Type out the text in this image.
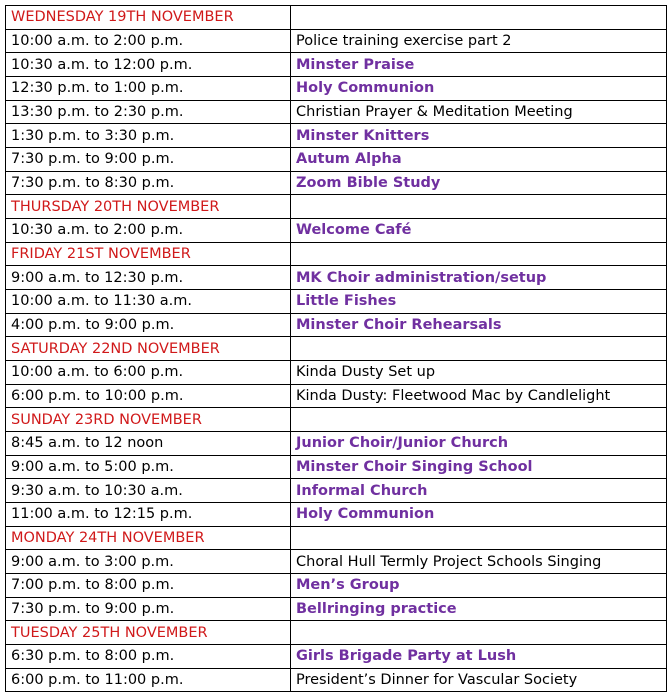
WEDNESDAY 19TH NOVEMBER	
10:00 a.m. to 2:00 p.m.	Police training exercise part 2
10:30 a.m. to 12:00 p.m.	Minster Praise
12:30 p.m. to 1:00 p.m.	Holy Communion
13:30 p.m. to 2:30 p.m.	Christian Prayer & Meditation Meeting
1:30 p.m. to 3:30 p.m.	Minster Knitters
7:30 p.m. to 9:00 p.m.	Autum Alpha
7:30 p.m. to 8:30 p.m.	Zoom Bible Study
THURSDAY 20TH NOVEMBER	
10:30 a.m. to 2:00 p.m.	Welcome Café
FRIDAY 21ST NOVEMBER	
9:00 a.m. to 12:30 p.m.	MK Choir administration/setup
10:00 a.m. to 11:30 a.m.	Little Fishes
4:00 p.m. to 9:00 p.m.	Minster Choir Rehearsals
SATURDAY 22ND NOVEMBER	
10:00 a.m. to 6:00 p.m.	Kinda Dusty Set up
6:00 p.m. to 10:00 p.m.	Kinda Dusty: Fleetwood Mac by Candlelight
SUNDAY 23RD NOVEMBER	
8:45 a.m. to 12 noon	Junior Choir/Junior Church
9:00 a.m. to 5:00 p.m.	Minster Choir Singing School
9:30 a.m. to 10:30 a.m.	Informal Church
11:00 a.m. to 12:15 p.m.	Holy Communion
MONDAY 24TH NOVEMBER	
9:00 a.m. to 3:00 p.m.	Choral Hull Termly Project Schools Singing
7:00 p.m. to 8:00 p.m.	Men’s Group
7:30 p.m. to 9:00 p.m.	Bellringing practice
TUESDAY 25TH NOVEMBER	
6:30 p.m. to 8:00 p.m.	Girls Brigade Party at Lush
6:00 p.m. to 11:00 p.m.	President’s Dinner for Vascular Society
